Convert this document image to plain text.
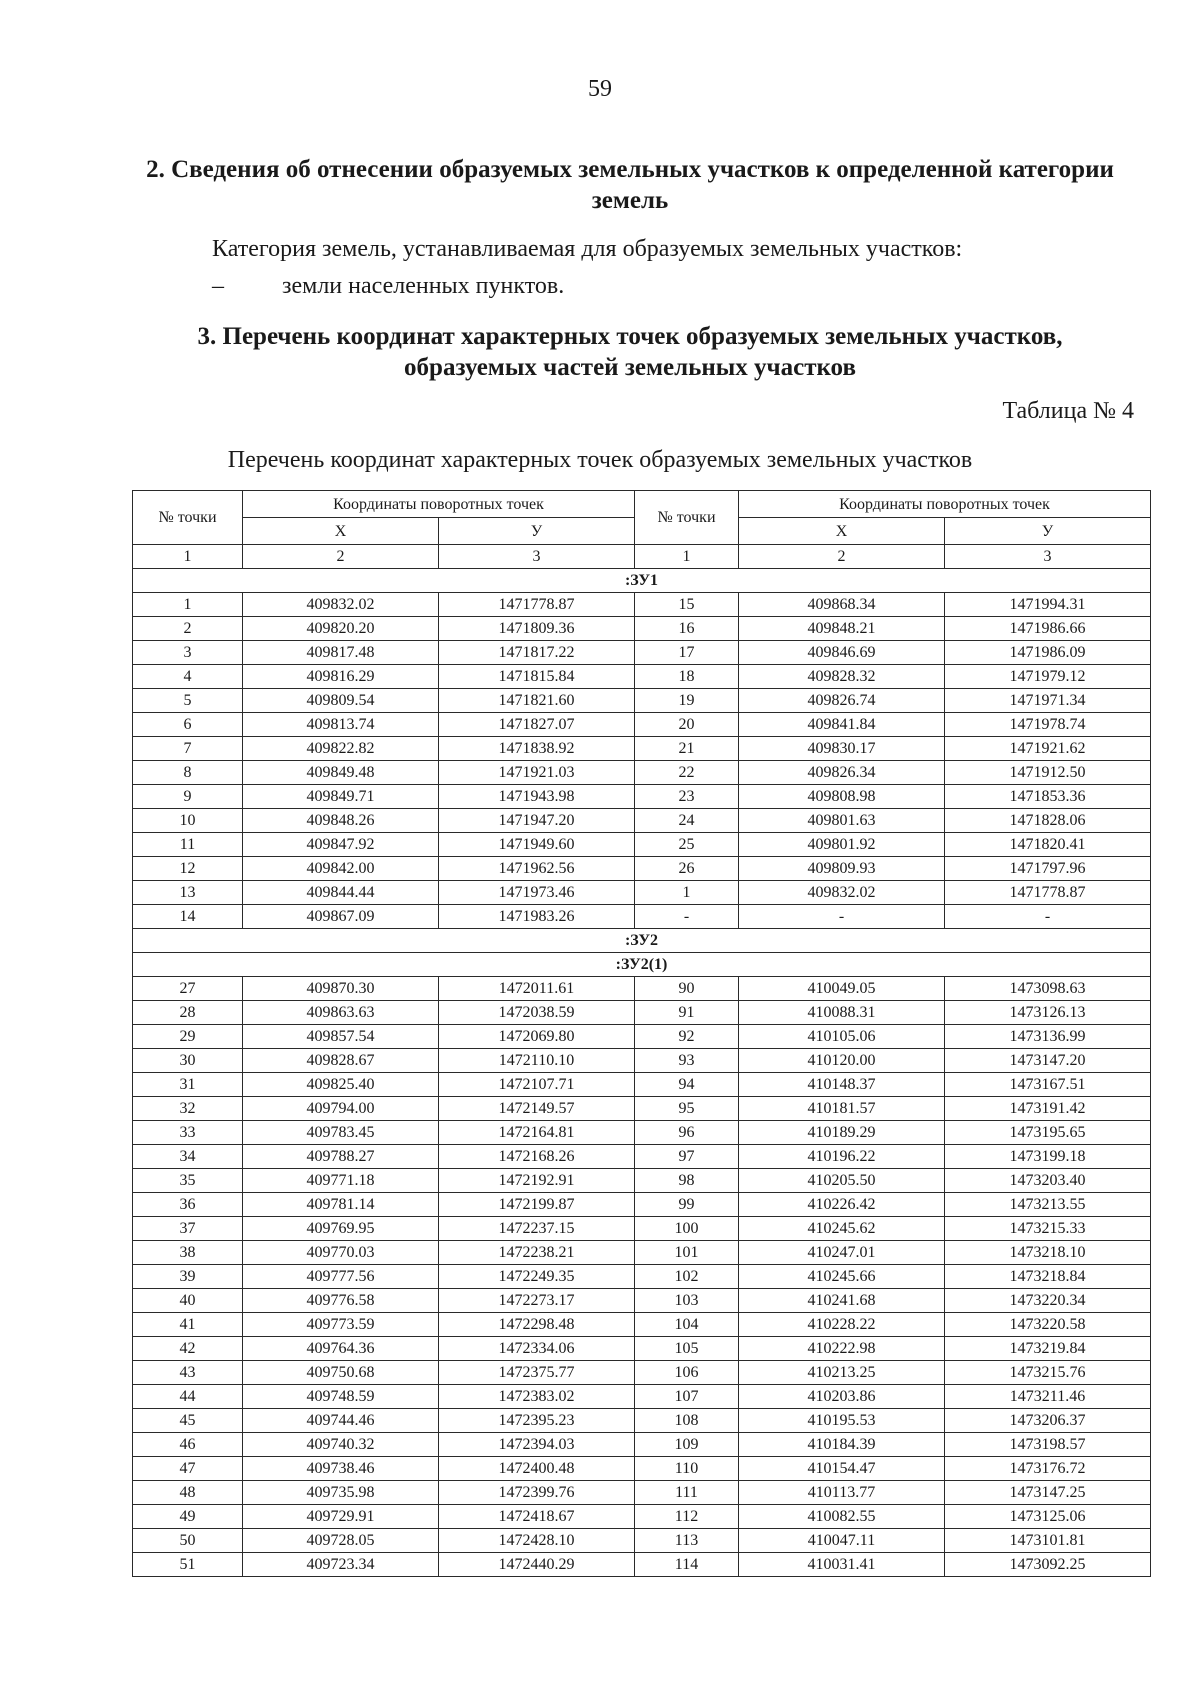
59
2. Сведения об отнесении образуемых земельных участков к определенной категории земель
Категория земель, устанавливаемая для образуемых земельных участков:
– земли населенных пунктов.
3. Перечень координат характерных точек образуемых земельных участков, образуемых частей земельных участков
Таблица № 4
Перечень координат характерных точек образуемых земельных участков
№ точки	Координаты поворотных точек		№ точки	Координаты поворотных точек	
	X	У		X	У
1	2	3	1	2	3
:ЗУ1					
1	409832.02	1471778.87	15	409868.34	1471994.31
2	409820.20	1471809.36	16	409848.21	1471986.66
3	409817.48	1471817.22	17	409846.69	1471986.09
4	409816.29	1471815.84	18	409828.32	1471979.12
5	409809.54	1471821.60	19	409826.74	1471971.34
6	409813.74	1471827.07	20	409841.84	1471978.74
7	409822.82	1471838.92	21	409830.17	1471921.62
8	409849.48	1471921.03	22	409826.34	1471912.50
9	409849.71	1471943.98	23	409808.98	1471853.36
10	409848.26	1471947.20	24	409801.63	1471828.06
11	409847.92	1471949.60	25	409801.92	1471820.41
12	409842.00	1471962.56	26	409809.93	1471797.96
13	409844.44	1471973.46	1	409832.02	1471778.87
14	409867.09	1471983.26	-	-	-
:ЗУ2					
:ЗУ2(1)					
27	409870.30	1472011.61	90	410049.05	1473098.63
28	409863.63	1472038.59	91	410088.31	1473126.13
29	409857.54	1472069.80	92	410105.06	1473136.99
30	409828.67	1472110.10	93	410120.00	1473147.20
31	409825.40	1472107.71	94	410148.37	1473167.51
32	409794.00	1472149.57	95	410181.57	1473191.42
33	409783.45	1472164.81	96	410189.29	1473195.65
34	409788.27	1472168.26	97	410196.22	1473199.18
35	409771.18	1472192.91	98	410205.50	1473203.40
36	409781.14	1472199.87	99	410226.42	1473213.55
37	409769.95	1472237.15	100	410245.62	1473215.33
38	409770.03	1472238.21	101	410247.01	1473218.10
39	409777.56	1472249.35	102	410245.66	1473218.84
40	409776.58	1472273.17	103	410241.68	1473220.34
41	409773.59	1472298.48	104	410228.22	1473220.58
42	409764.36	1472334.06	105	410222.98	1473219.84
43	409750.68	1472375.77	106	410213.25	1473215.76
44	409748.59	1472383.02	107	410203.86	1473211.46
45	409744.46	1472395.23	108	410195.53	1473206.37
46	409740.32	1472394.03	109	410184.39	1473198.57
47	409738.46	1472400.48	110	410154.47	1473176.72
48	409735.98	1472399.76	111	410113.77	1473147.25
49	409729.91	1472418.67	112	410082.55	1473125.06
50	409728.05	1472428.10	113	410047.11	1473101.81
51	409723.34	1472440.29	114	410031.41	1473092.25
